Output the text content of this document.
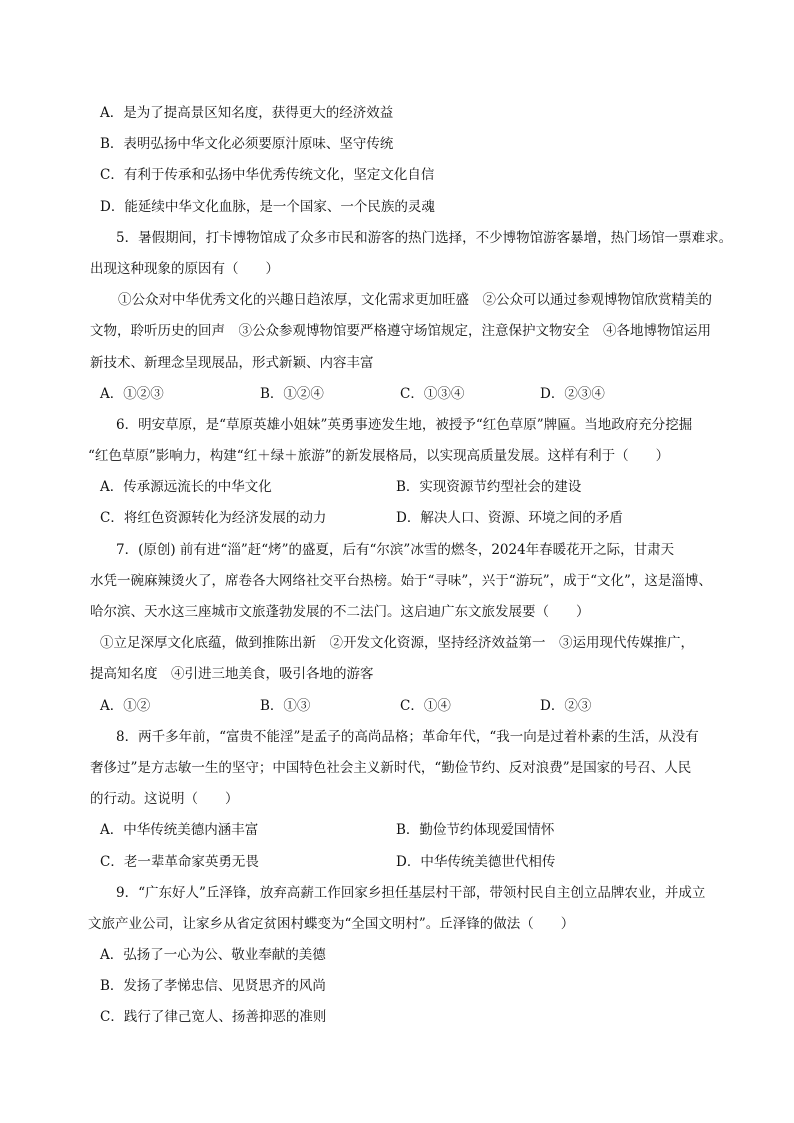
A．是为了提高景区知名度，获得更大的经济效益
B．表明弘扬中华文化必须要原汁原味、坚守传统
C．有利于传承和弘扬中华优秀传统文化，坚定文化自信
D．能延续中华文化血脉，是一个国家、一个民族的灵魂
5．暑假期间，打卡博物馆成了众多市民和游客的热门选择，不少博物馆游客暴增，热门场馆一票难求。
出现这种现象的原因有（　　）
①公众对中华优秀文化的兴趣日趋浓厚，文化需求更加旺盛　②公众可以通过参观博物馆欣赏精美的
文物，聆听历史的回声　③公众参观博物馆要严格遵守场馆规定，注意保护文物安全　④各地博物馆运用
新技术、新理念呈现展品，形式新颖、内容丰富
A．①②③	B．①②④	C．①③④	D．②③④
6．明安草原，是“草原英雄小姐妹”英勇事迹发生地，被授予“红色草原”牌匾。当地政府充分挖掘
“红色草原”影响力，构建“红＋绿＋旅游”的新发展格局，以实现高质量发展。这样有利于（　　）
A．传承源远流长的中华文化	B．实现资源节约型社会的建设
C．将红色资源转化为经济发展的动力	D．解决人口、资源、环境之间的矛盾
7．(原创) 前有进“淄”赶“烤”的盛夏，后有“尔滨”冰雪的燃冬，2024年春暖花开之际，甘肃天
水凭一碗麻辣烫火了，席卷各大网络社交平台热榜。始于“寻味”，兴于“游玩”，成于“文化”，这是淄博、
哈尔滨、天水这三座城市文旅蓬勃发展的不二法门。这启迪广东文旅发展要（　　）
①立足深厚文化底蕴，做到推陈出新　②开发文化资源，坚持经济效益第一　③运用现代传媒推广，
提高知名度　④引进三地美食，吸引各地的游客
A．①②	B．①③	C．①④	D．②③
8．两千多年前，“富贵不能淫”是孟子的高尚品格；革命年代，“我一向是过着朴素的生活，从没有
奢侈过”是方志敏一生的坚守；中国特色社会主义新时代，“勤俭节约、反对浪费”是国家的号召、人民
的行动。这说明（　　）
A．中华传统美德内涵丰富	B．勤俭节约体现爱国情怀
C．老一辈革命家英勇无畏	D．中华传统美德世代相传
9．“广东好人”丘泽锋，放弃高薪工作回家乡担任基层村干部，带领村民自主创立品牌农业，并成立
文旅产业公司，让家乡从省定贫困村蝶变为“全国文明村”。丘泽锋的做法（　　）
A．弘扬了一心为公、敬业奉献的美德
B．发扬了孝悌忠信、见贤思齐的风尚
C．践行了律己宽人、扬善抑恶的准则
